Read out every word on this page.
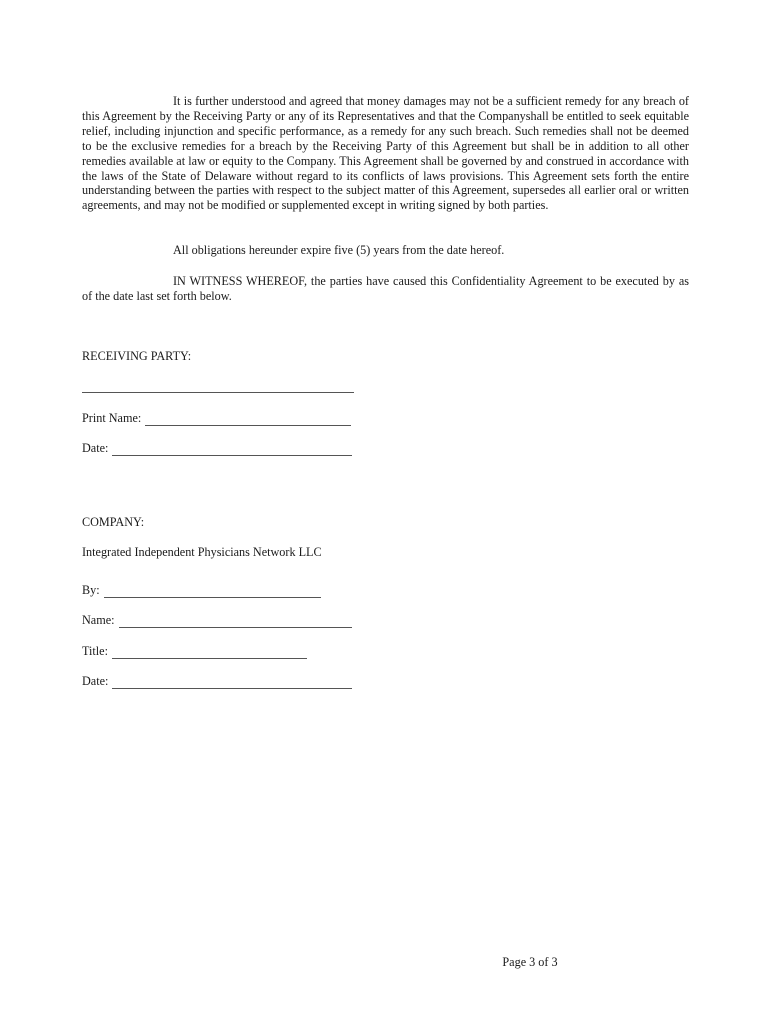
It is further understood and agreed that money damages may not be a sufficient remedy for any breach of this Agreement by the Receiving Party or any of its Representatives and that the Companyshall be entitled to seek equitable relief, including injunction and specific performance, as a remedy for any such breach. Such remedies shall not be deemed to be the exclusive remedies for a breach by the Receiving Party of this Agreement but shall be in addition to all other remedies available at law or equity to the Company. This Agreement shall be governed by and construed in accordance with the laws of the State of Delaware without regard to its conflicts of laws provisions. This Agreement sets forth the entire understanding between the parties with respect to the subject matter of this Agreement, supersedes all earlier oral or written agreements, and may not be modified or supplemented except in writing signed by both parties.

All obligations hereunder expire five (5) years from the date hereof.

IN WITNESS WHEREOF, the parties have caused this Confidentiality Agreement to be executed by as of the date last set forth below.

RECEIVING PARTY:
Print Name:
Date:
COMPANY:
Integrated Independent Physicians Network LLC
By:
Name:
Title:
Date:
Page 3 of 3
